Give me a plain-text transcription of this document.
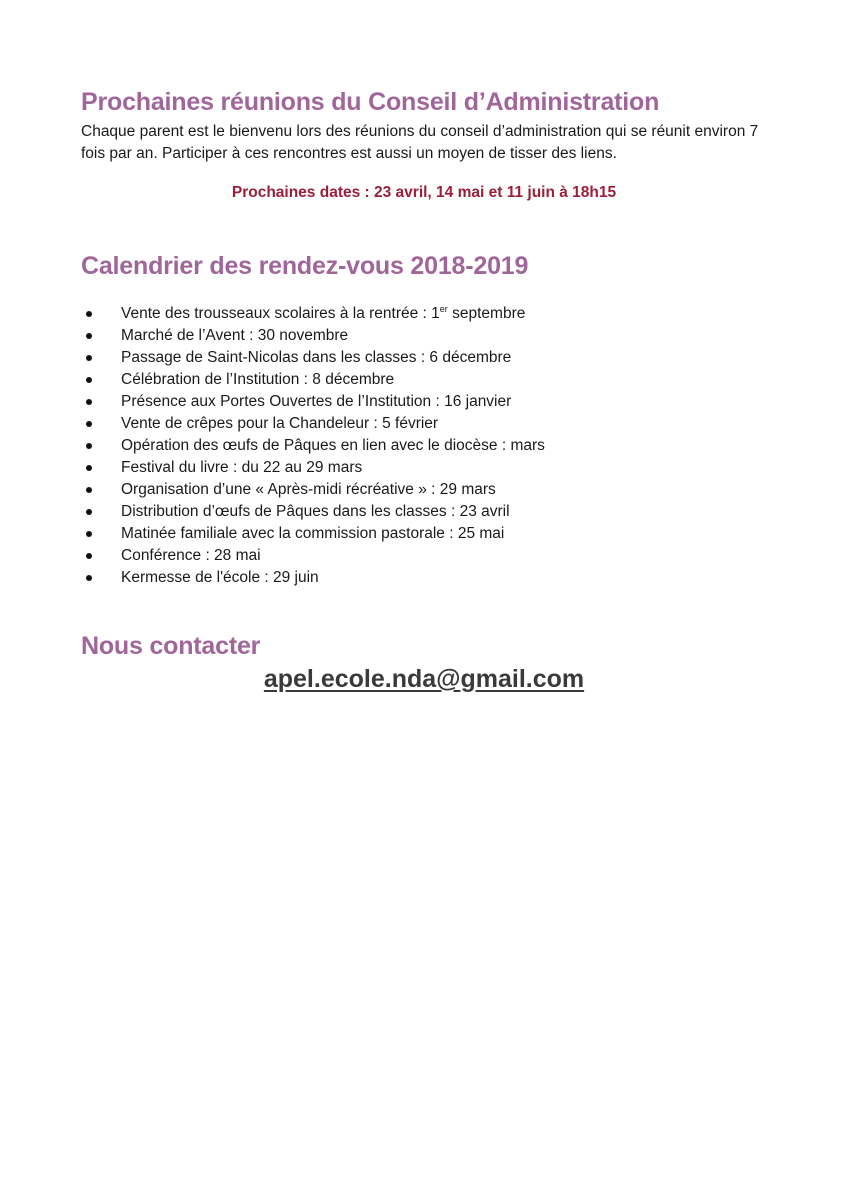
Prochaines réunions du Conseil d’Administration

Chaque parent est le bienvenu lors des réunions du conseil d’administration qui se réunit environ 7 fois par an. Participer à ces rencontres est aussi un moyen de tisser des liens.

Prochaines dates : 23 avril, 14 mai et 11 juin à 18h15

Calendrier des rendez-vous 2018-2019
Vente des trousseaux scolaires à la rentrée : 1er septembre
Marché de l’Avent : 30 novembre
Passage de Saint-Nicolas dans les classes : 6 décembre
Célébration de l’Institution : 8 décembre
Présence aux Portes Ouvertes de l’Institution : 16 janvier
Vente de crêpes pour la Chandeleur : 5 février
Opération des œufs de Pâques en lien avec le diocèse : mars
Festival du livre : du 22 au 29 mars
Organisation d’une « Après-midi récréative » : 29 mars
Distribution d’œufs de Pâques dans les classes : 23 avril
Matinée familiale avec la commission pastorale : 25 mai
Conférence : 28 mai
Kermesse de l'école : 29 juin
Nous contacter

apel.ecole.nda@gmail.com
